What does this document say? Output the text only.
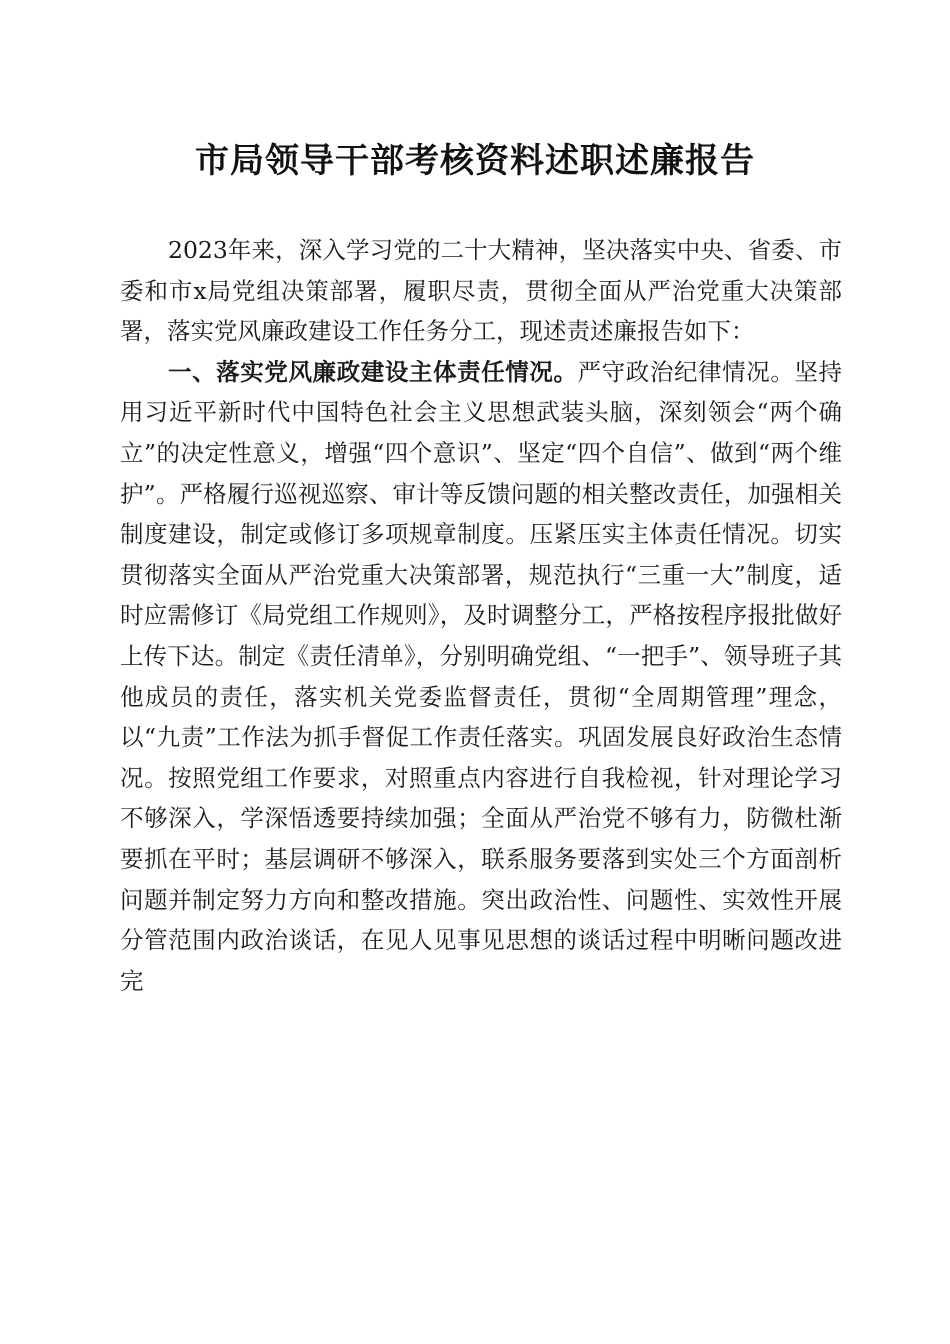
市局领导干部考核资料述职述廉报告

2023年来，深入学习党的二十大精神，坚决落实中央、省委、市委和市x局党组决策部署，履职尽责，贯彻全面从严治党重大决策部署，落实党风廉政建设工作任务分工，现述责述廉报告如下：

一、落实党风廉政建设主体责任情况。严守政治纪律情况。坚持用习近平新时代中国特色社会主义思想武装头脑，深刻领会“两个确立”的决定性意义，增强“四个意识”、坚定“四个自信”、做到“两个维护”。严格履行巡视巡察、审计等反馈问题的相关整改责任，加强相关制度建设，制定或修订多项规章制度。压紧压实主体责任情况。切实贯彻落实全面从严治党重大决策部署，规范执行“三重一大”制度，适时应需修订《局党组工作规则》，及时调整分工，严格按程序报批做好上传下达。制定《责任清单》，分别明确党组、“一把手”、领导班子其他成员的责任，落实机关党委监督责任，贯彻“全周期管理”理念，以“九责”工作法为抓手督促工作责任落实。巩固发展良好政治生态情况。按照党组工作要求，对照重点内容进行自我检视，针对理论学习不够深入，学深悟透要持续加强；全面从严治党不够有力，防微杜渐要抓在平时；基层调研不够深入，联系服务要落到实处三个方面剖析问题并制定努力方向和整改措施。突出政治性、问题性、实效性开展分管范围内政治谈话，在见人见事见思想的谈话过程中明晰问题改进完
